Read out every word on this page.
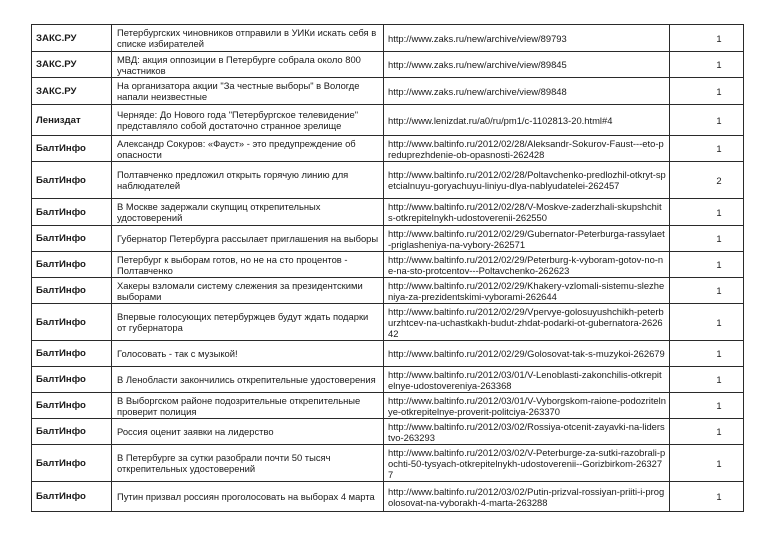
ЗАКС.РУ	Петербургских чиновников отправили в УИКи искать себя в списке избирателей	http://www.zaks.ru/new/archive/view/89793	1
ЗАКС.РУ	МВД: акция оппозиции в Петербурге собрала около 800 участников	http://www.zaks.ru/new/archive/view/89845	1
ЗАКС.РУ	На организатора акции "За честные выборы" в Вологде напали неизвестные	http://www.zaks.ru/new/archive/view/89848	1
Лениздат	Черняде: До Нового года "Петербургское телевидение" представляло собой достаточно странное зрелище	http://www.lenizdat.ru/a0/ru/pm1/c-1102813-20.html#4	1
БалтИнфо	Александр Сокуров: «Фауст» - это предупреждение об опасности	http://www.baltinfo.ru/2012/02/28/Aleksandr-Sokurov-Faust---eto-preduprezhdenie-ob-opasnosti-262428	1
БалтИнфо	Полтавченко предложил открыть горячую линию для наблюдателей	http://www.baltinfo.ru/2012/02/28/Poltavchenko-predlozhil-otkryt-spetcialnuyu-goryachuyu-liniyu-dlya-nablyudatelei-262457	2
БалтИнфо	В Москве задержали скупщиц открепительных удостоверений	http://www.baltinfo.ru/2012/02/28/V-Moskve-zaderzhali-skupshchits-otkrepitelnykh-udostoverenii-262550	1
БалтИнфо	Губернатор Петербурга рассылает приглашения на выборы	http://www.baltinfo.ru/2012/02/29/Gubernator-Peterburga-rassylaet-priglasheniya-na-vybory-262571	1
БалтИнфо	Петербург к выборам готов, но не на сто процентов - Полтавченко	http://www.baltinfo.ru/2012/02/29/Peterburg-k-vyboram-gotov-no-ne-na-sto-protcentov---Poltavchenko-262623	1
БалтИнфо	Хакеры взломали систему слежения за президентскими выборами	http://www.baltinfo.ru/2012/02/29/Khakery-vzlomali-sistemu-slezheniya-za-prezidentskimi-vyborami-262644	1
БалтИнфо	Впервые голосующих петербуржцев будут ждать подарки от губернатора	http://www.baltinfo.ru/2012/02/29/Vpervye-golosuyushchikh-peterburzhtcev-na-uchastkakh-budut-zhdat-podarki-ot-gubernatora-262642	1
БалтИнфо	Голосовать - так с музыкой!	http://www.baltinfo.ru/2012/02/29/Golosovat-tak-s-muzykoi-262679	1
БалтИнфо	В Ленобласти закончились открепительные удостоверения	http://www.baltinfo.ru/2012/03/01/V-Lenoblasti-zakonchilis-otkrepitelnye-udostovereniya-263368	1
БалтИнфо	В Выборгском районе подозрительные открепительные проверит полиция	http://www.baltinfo.ru/2012/03/01/V-Vyborgskom-raione-podozritelnye-otkrepitelnye-proverit-politciya-263370	1
БалтИнфо	Россия оценит заявки на лидерство	http://www.baltinfo.ru/2012/03/02/Rossiya-otcenit-zayavki-na-liderstvo-263293	1
БалтИнфо	В Петербурге за сутки разобрали почти 50 тысяч открепительных удостоверений	http://www.baltinfo.ru/2012/03/02/V-Peterburge-za-sutki-razobrali-pochti-50-tysyach-otkrepitelnykh-udostoverenii--Gorizbirkom-263277	1
БалтИнфо	Путин призвал россиян проголосовать на выборах 4 марта	http://www.baltinfo.ru/2012/03/02/Putin-prizval-rossiyan-priiti-i-progolosovat-na-vyborakh-4-marta-263288	1
